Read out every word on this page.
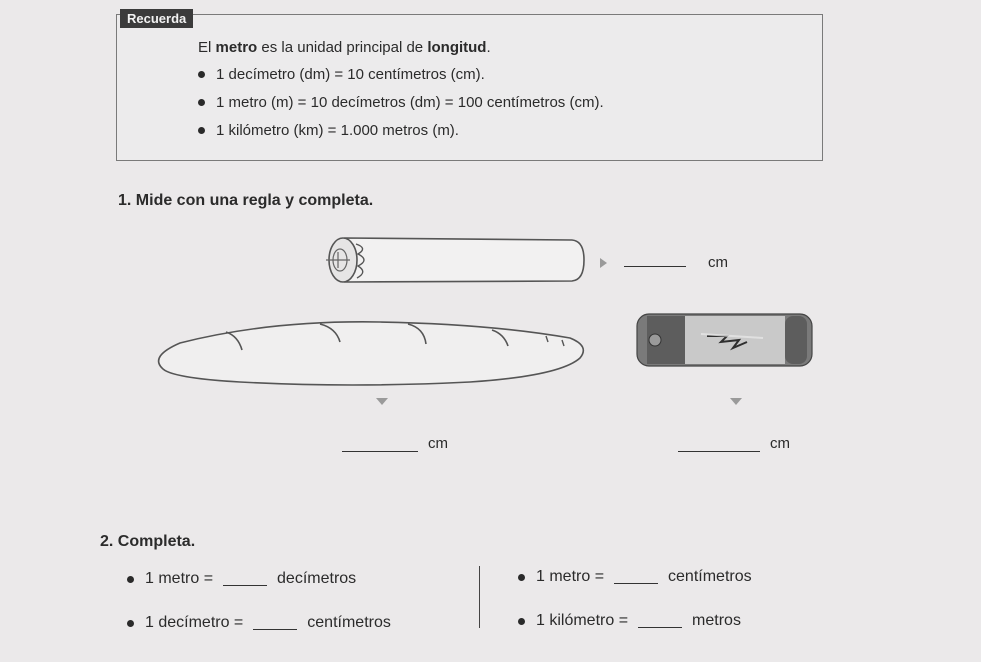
Recuerda

El metro es la unidad principal de longitud.

1 decímetro (dm) = 10 centímetros (cm).
1 metro (m) = 10 decímetros (dm) = 100 centímetros (cm).
1 kilómetro (km) = 1.000 metros (m).
1. Mide con una regla y completa.
cm
cm	cm
2. Completa.
1 metro =	decímetros
1 decímetro =	centímetros
1 metro =	centímetros
1 kilómetro =	metros
